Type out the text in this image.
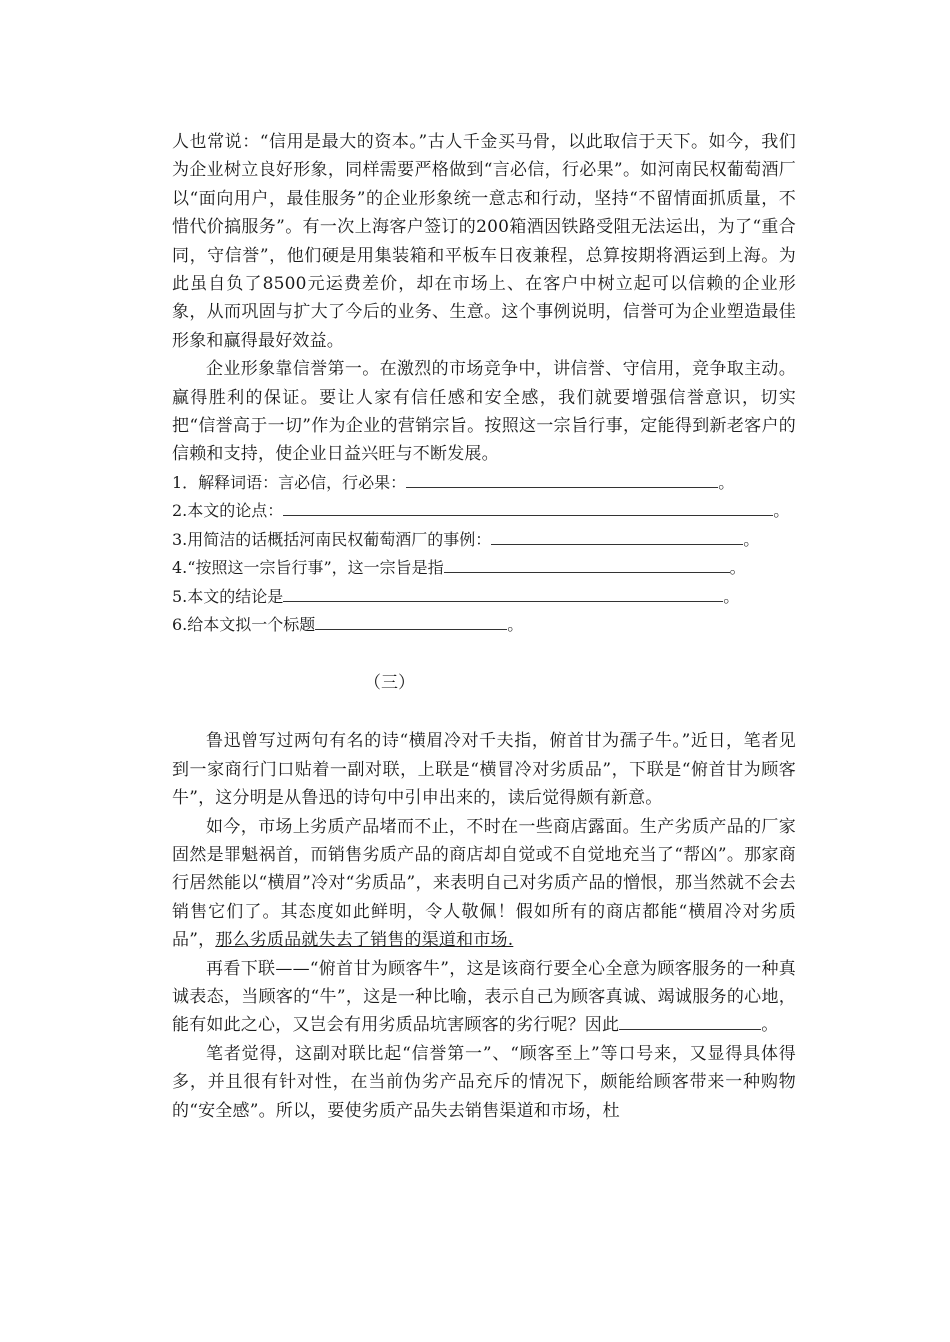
人也常说：“信用是最大的资本。”古人千金买马骨，以此取信于天下。如今，我们为企业树立良好形象，同样需要严格做到“言必信，行必果”。如河南民权葡萄酒厂以“面向用户，最佳服务”的企业形象统一意志和行动，坚持“不留情面抓质量，不惜代价搞服务”。有一次上海客户签订的200箱酒因铁路受阻无法运出，为了“重合同，守信誉”，他们硬是用集装箱和平板车日夜兼程，总算按期将酒运到上海。为此虽自负了8500元运费差价，却在市场上、在客户中树立起可以信赖的企业形象，从而巩固与扩大了今后的业务、生意。这个事例说明，信誉可为企业塑造最佳形象和赢得最好效益。

企业形象靠信誉第一。在激烈的市场竞争中，讲信誉、守信用，竞争取主动。赢得胜利的保证。要让人家有信任感和安全感，我们就要增强信誉意识，切实把“信誉高于一切”作为企业的营销宗旨。按照这一宗旨行事，定能得到新老客户的信赖和支持，使企业日益兴旺与不断发展。

1．解释词语：言必信，行必果：	。

2.本文的论点：	。

3.用简洁的话概括河南民权葡萄酒厂的事例：	。

4.“按照这一宗旨行事”，这一宗旨是指	。

5.本文的结论是	。

6.给本文拟一个标题	。

（三）

鲁迅曾写过两句有名的诗“横眉冷对千夫指，俯首甘为孺子牛。”近日，笔者见到一家商行门口贴着一副对联，上联是“横冒冷对劣质品”，下联是“俯首甘为顾客牛”，这分明是从鲁迅的诗句中引申出来的，读后觉得颇有新意。

如今，市场上劣质产品堵而不止，不时在一些商店露面。生产劣质产品的厂家固然是罪魁祸首，而销售劣质产品的商店却自觉或不自觉地充当了“帮凶”。那家商行居然能以“横眉”冷对“劣质品”，来表明自己对劣质产品的憎恨，那当然就不会去销售它们了。其态度如此鲜明，令人敬佩！假如所有的商店都能“横眉冷对劣质品”，那么劣质品就失去了销售的渠道和市场.

再看下联——“俯首甘为顾客牛”，这是该商行要全心全意为顾客服务的一种真诚表态，当顾客的“牛”，这是一种比喻，表示自己为顾客真诚、竭诚服务的心地，能有如此之心，又岂会有用劣质品坑害顾客的劣行呢？因此	。

笔者觉得，这副对联比起“信誉第一”、“顾客至上”等口号来，又显得具体得多，并且很有针对性，在当前伪劣产品充斥的情况下，颇能给顾客带来一种购物的“安全感”。所以，要使劣质产品失去销售渠道和市场，杜
